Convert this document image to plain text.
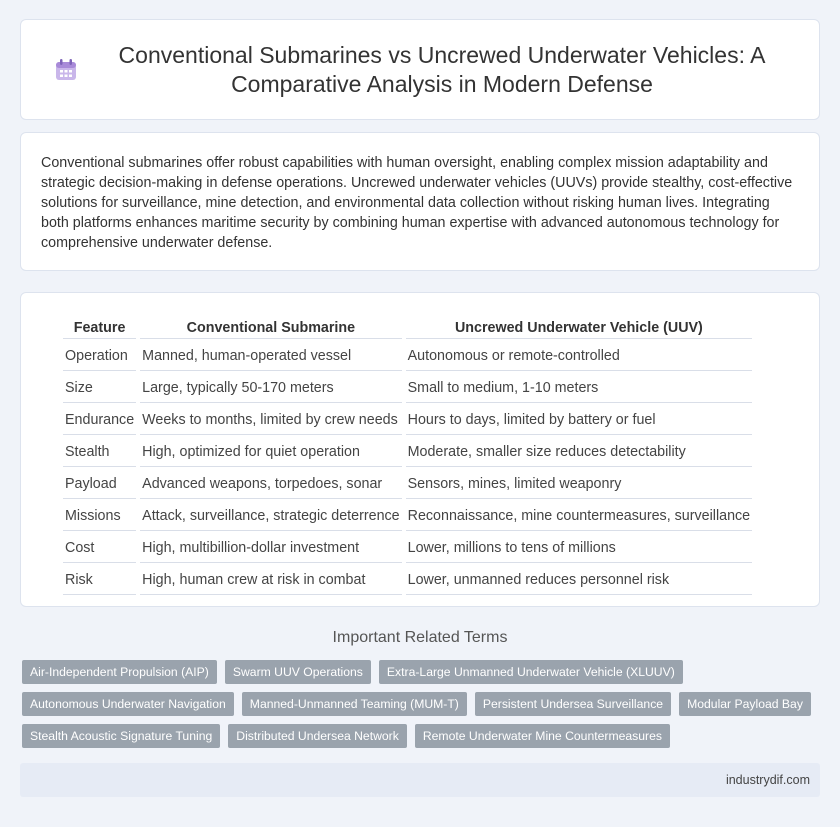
Conventional Submarines vs Uncrewed Underwater Vehicles: A Comparative Analysis in Modern Defense

Conventional submarines offer robust capabilities with human oversight, enabling complex mission adaptability and strategic decision-making in defense operations. Uncrewed underwater vehicles (UUVs) provide stealthy, cost-effective solutions for surveillance, mine detection, and environmental data collection without risking human lives. Integrating both platforms enhances maritime security by combining human expertise with advanced autonomous technology for comprehensive underwater defense.

Feature	Conventional Submarine	Uncrewed Underwater Vehicle (UUV)
Operation	Manned, human-operated vessel	Autonomous or remote-controlled
Size	Large, typically 50-170 meters	Small to medium, 1-10 meters
Endurance	Weeks to months, limited by crew needs	Hours to days, limited by battery or fuel
Stealth	High, optimized for quiet operation	Moderate, smaller size reduces detectability
Payload	Advanced weapons, torpedoes, sonar	Sensors, mines, limited weaponry
Missions	Attack, surveillance, strategic deterrence	Reconnaissance, mine countermeasures, surveillance
Cost	High, multibillion-dollar investment	Lower, millions to tens of millions
Risk	High, human crew at risk in combat	Lower, unmanned reduces personnel risk
Important Related Terms
Air-Independent Propulsion (AIP)	Swarm UUV Operations	Extra-Large Unmanned Underwater Vehicle (XLUUV)
Autonomous Underwater Navigation	Manned-Unmanned Teaming (MUM-T)	Persistent Undersea Surveillance	Modular Payload Bay
Stealth Acoustic Signature Tuning	Distributed Undersea Network	Remote Underwater Mine Countermeasures
industrydif.com
